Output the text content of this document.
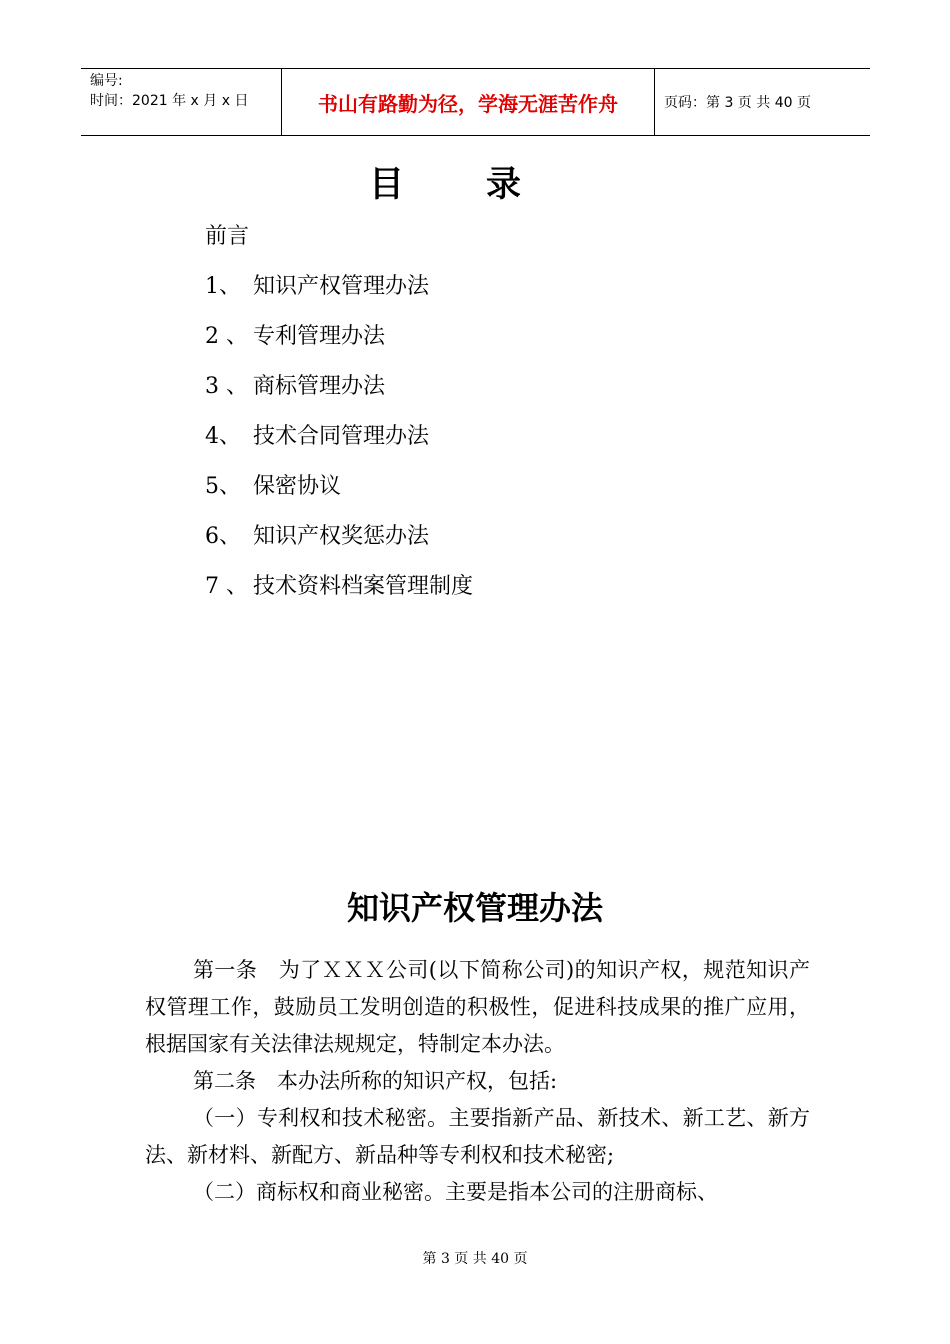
编号:
时间：2021 年 x 月 x 日	书山有路勤为径，学海无涯苦作舟	页码：第 3 页 共 40 页
目录
前言
1、 知识产权管理办法
2 、 专利管理办法
3 、 商标管理办法
4、 技术合同管理办法
5、 保密协议
6、 知识产权奖惩办法
7 、 技术资料档案管理制度
知识产权管理办法

第一条　为了ＸＸＸ公司(以下简称公司)的知识产权，规范知识产权管理工作，鼓励员工发明创造的积极性，促进科技成果的推广应用，根据国家有关法律法规规定，特制定本办法。

第二条　本办法所称的知识产权，包括:

（一）专利权和技术秘密。主要指新产品、新技术、新工艺、新方法、新材料、新配方、新品种等专利权和技术秘密;

（二）商标权和商业秘密。主要是指本公司的注册商标、

第 3 页 共 40 页
